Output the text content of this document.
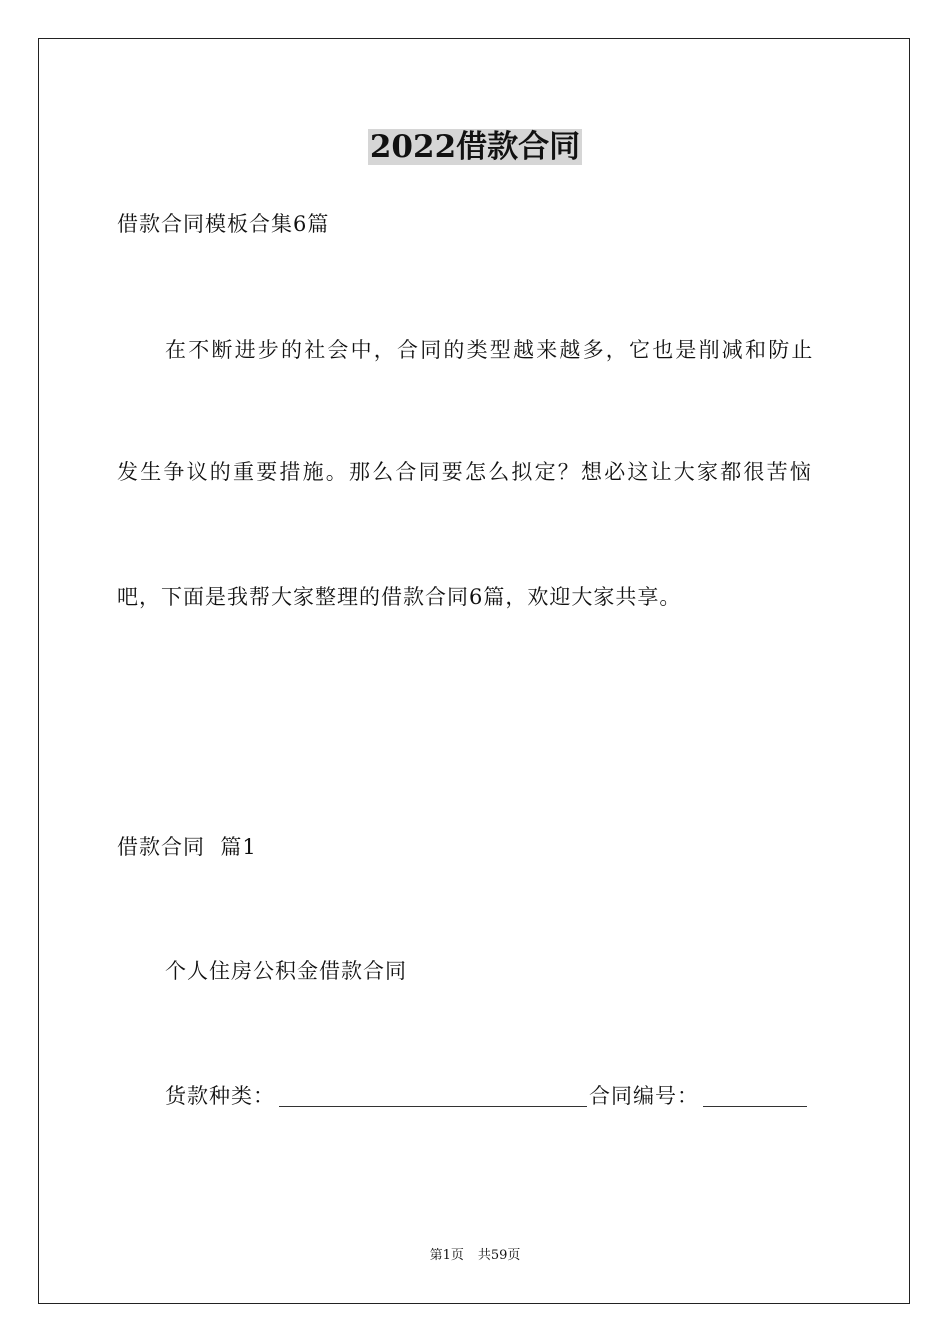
2022借款合同
借款合同模板合集6篇
在不断进步的社会中，合同的类型越来越多，它也是削减和防止
发生争议的重要措施。那么合同要怎么拟定？想必这让大家都很苦恼
吧，下面是我帮大家整理的借款合同6篇，欢迎大家共享。
借款合同  篇1
个人住房公积金借款合同
货款种类：	合同编号：
第1页 共59页
